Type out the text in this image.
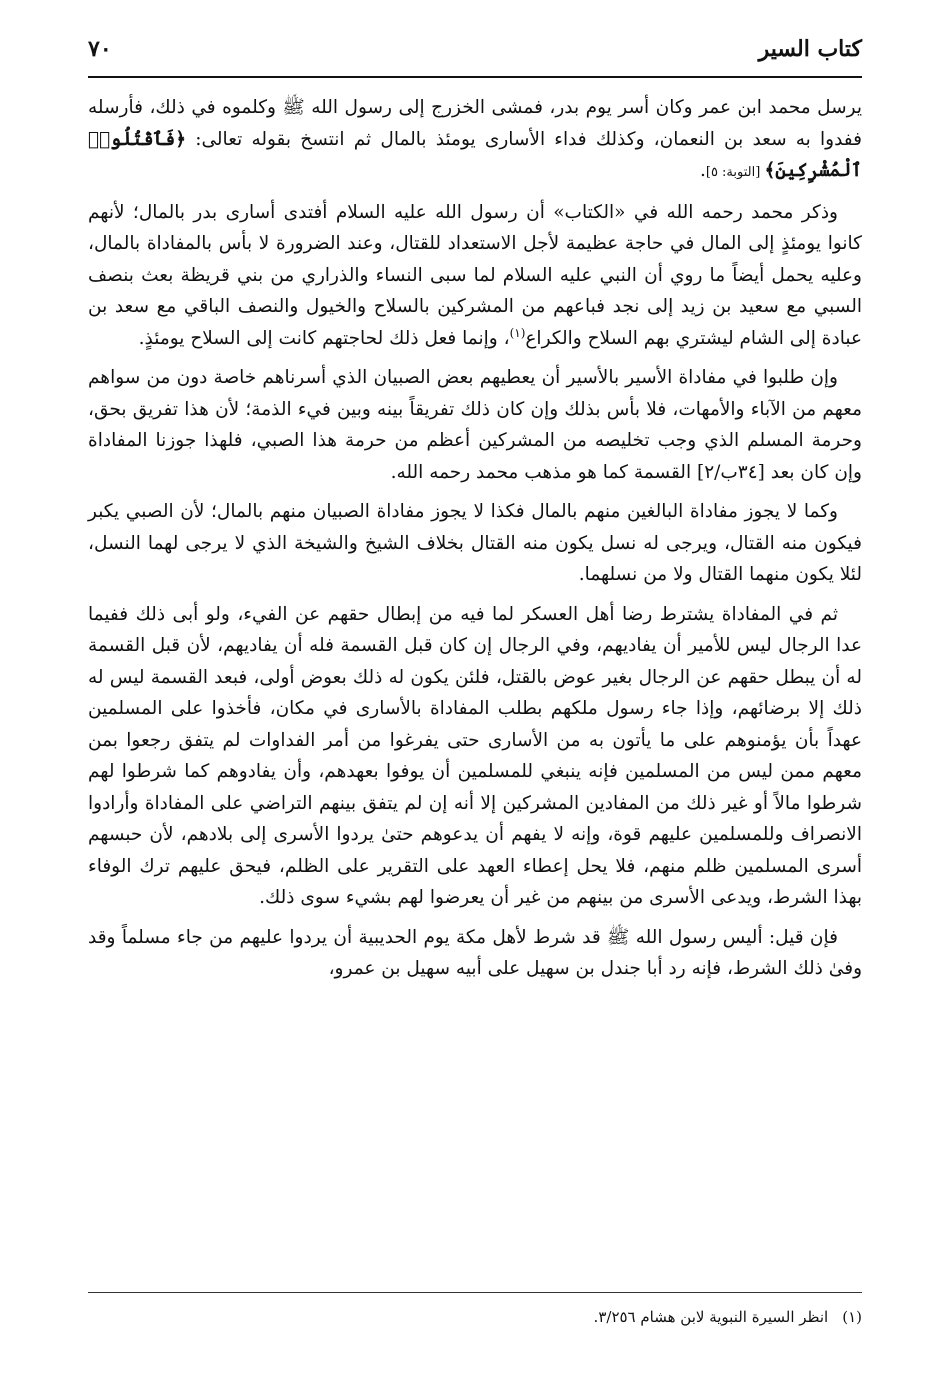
كتاب السير
٧٠

يرسل محمد ابن عمر وكان أسر يوم بدر، فمشى الخزرج إلى رسول الله ﷺ وكلموه في ذلك، فأرسله ففدوا به سعد بن النعمان، وكذلك فداء الأسارى يومئذ بالمال ثم انتسخ بقوله تعالى: ﴿فَٱقْتُلُوا۟ ٱلْمُشْرِكِينَ﴾ [التوبة: ٥].

وذكر محمد رحمه الله في «الكتاب» أن رسول الله عليه السلام أفتدى أسارى بدر بالمال؛ لأنهم كانوا يومئذٍ إلى المال في حاجة عظيمة لأجل الاستعداد للقتال، وعند الضرورة لا بأس بالمفاداة بالمال، وعليه يحمل أيضاً ما روي أن النبي عليه السلام لما سبى النساء والذراري من بني قريظة بعث بنصف السبي مع سعيد بن زيد إلى نجد فباعهم من المشركين بالسلاح والخيول والنصف الباقي مع سعد بن عبادة إلى الشام ليشتري بهم السلاح والكراع$^{(١)}$، وإنما فعل ذلك لحاجتهم كانت إلى السلاح يومئذٍ.

وإن طلبوا في مفاداة الأسير بالأسير أن يعطيهم بعض الصبيان الذي أسرناهم خاصة دون من سواهم معهم من الآباء والأمهات، فلا بأس بذلك وإن كان ذلك تفريقاً بينه وبين فيء الذمة؛ لأن هذا تفريق بحق، وحرمة المسلم الذي وجب تخليصه من المشركين أعظم من حرمة هذا الصبي، فلهذا جوزنا المفاداة وإن كان بعد [٣٤ب/٢] القسمة كما هو مذهب محمد رحمه الله.

وكما لا يجوز مفاداة البالغين منهم بالمال فكذا لا يجوز مفاداة الصبيان منهم بالمال؛ لأن الصبي يكبر فيكون منه القتال، ويرجى له نسل يكون منه القتال بخلاف الشيخ والشيخة الذي لا يرجى لهما النسل، لئلا يكون منهما القتال ولا من نسلهما.

ثم في المفاداة يشترط رضا أهل العسكر لما فيه من إبطال حقهم عن الفيء، ولو أبى ذلك ففيما عدا الرجال ليس للأمير أن يفاديهم، وفي الرجال إن كان قبل القسمة فله أن يفاديهم، لأن قبل القسمة له أن يبطل حقهم عن الرجال بغير عوض بالقتل، فلئن يكون له ذلك بعوض أولى، فبعد القسمة ليس له ذلك إلا برضائهم، وإذا جاء رسول ملكهم بطلب المفاداة بالأسارى في مكان، فأخذوا على المسلمين عهداً بأن يؤمنوهم على ما يأتون به من الأسارى حتى يفرغوا من أمر الفداوات لم يتفق رجعوا بمن معهم ممن ليس من المسلمين فإنه ينبغي للمسلمين أن يوفوا بعهدهم، وأن يفادوهم كما شرطوا لهم شرطوا مالاً أو غير ذلك من المفادين المشركين إلا أنه إن لم يتفق بينهم التراضي على المفاداة وأرادوا الانصراف وللمسلمين عليهم قوة، وإنه لا يفهم أن يدعوهم حتىٰ يردوا الأسرى إلى بلادهم، لأن حبسهم أسرى المسلمين ظلم منهم، فلا يحل إعطاء العهد على التقرير على الظلم، فيحق عليهم ترك الوفاء بهذا الشرط، ويدعى الأسرى من بينهم من غير أن يعرضوا لهم بشيء سوى ذلك.

فإن قيل: أليس رسول الله ﷺ قد شرط لأهل مكة يوم الحديبية أن يردوا عليهم من جاء مسلماً وقد وفىٰ ذلك الشرط، فإنه رد أبا جندل بن سهيل على أبيه سهيل بن عمرو،

(١)انظر السيرة النبوية لابن هشام ٣/٢٥٦.
